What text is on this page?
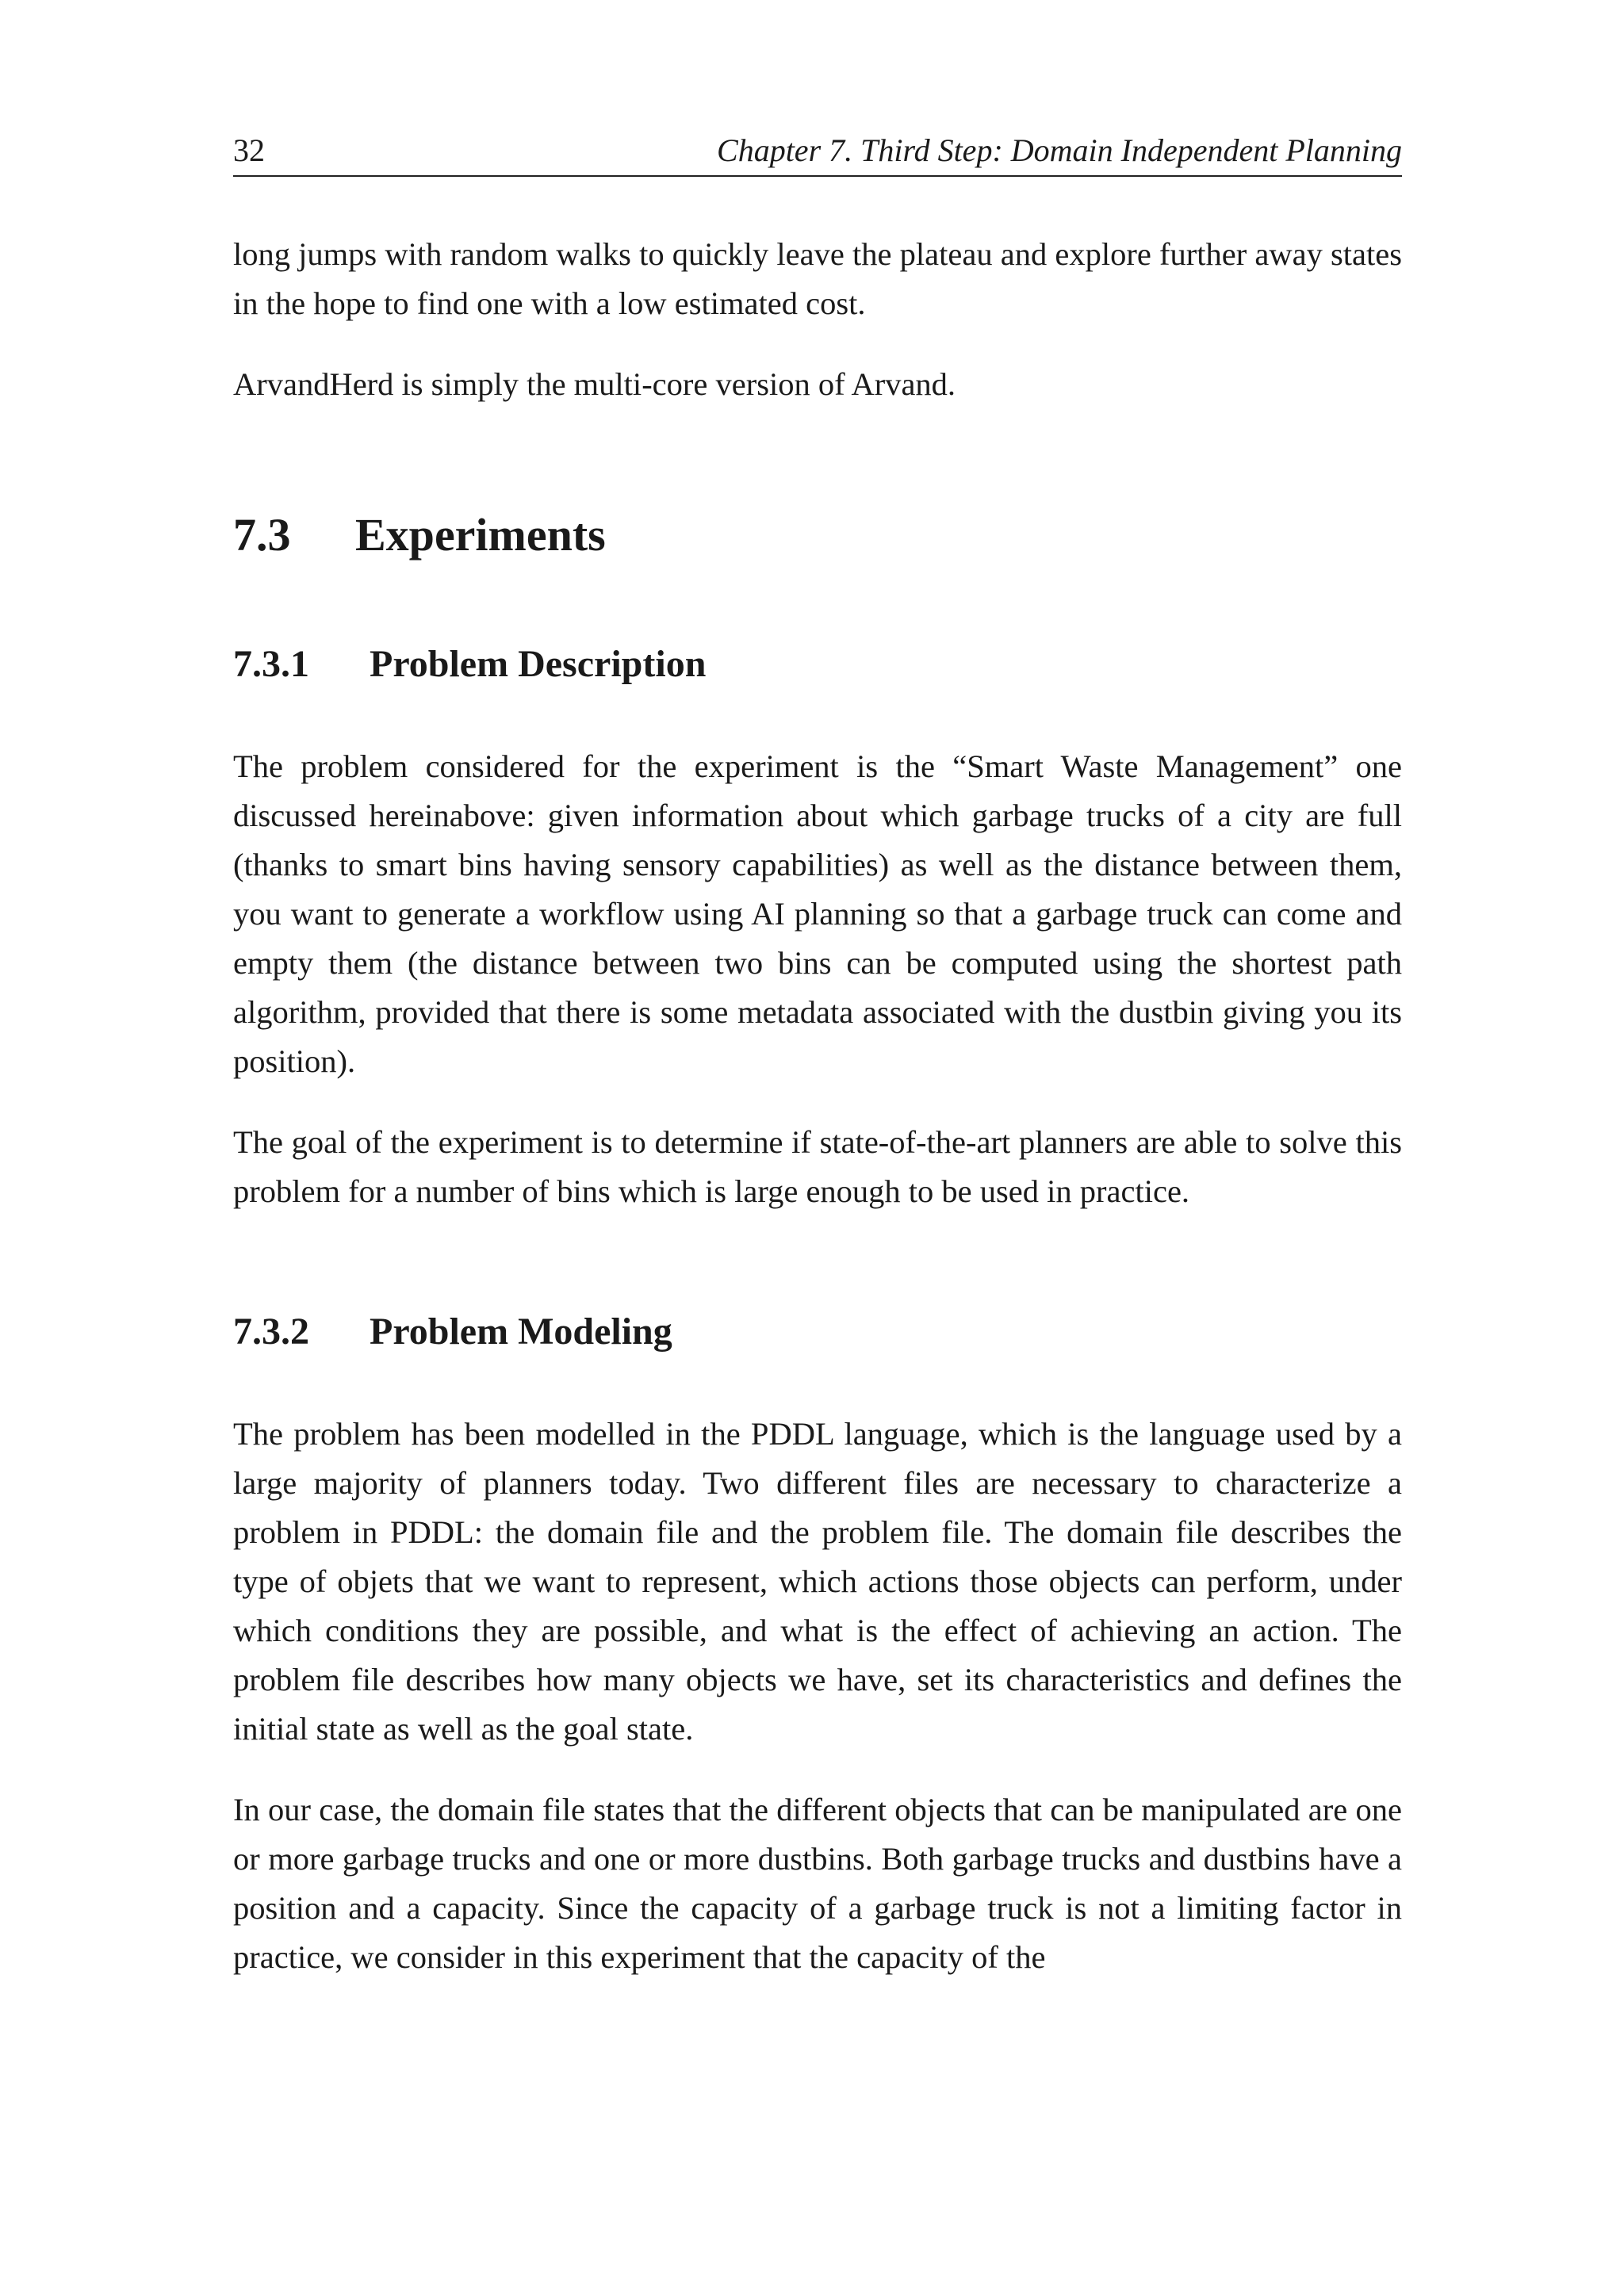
32	Chapter 7. Third Step: Domain Independent Planning

long jumps with random walks to quickly leave the plateau and explore further away states in the hope to find one with a low estimated cost.

ArvandHerd is simply the multi-core version of Arvand.

7.3 Experiments
7.3.1 Problem Description

The problem considered for the experiment is the “Smart Waste Management” one discussed hereinabove: given information about which garbage trucks of a city are full (thanks to smart bins having sensory capabilities) as well as the distance between them, you want to generate a workflow using AI planning so that a garbage truck can come and empty them (the distance between two bins can be computed using the shortest path algorithm, provided that there is some metadata associated with the dustbin giving you its position).

The goal of the experiment is to determine if state-of-the-art planners are able to solve this problem for a number of bins which is large enough to be used in practice.

7.3.2 Problem Modeling

The problem has been modelled in the PDDL language, which is the language used by a large majority of planners today. Two different files are necessary to characterize a problem in PDDL: the domain file and the problem file. The domain file describes the type of objets that we want to represent, which actions those objects can perform, under which conditions they are possible, and what is the effect of achieving an action. The problem file describes how many objects we have, set its characteristics and defines the initial state as well as the goal state.

In our case, the domain file states that the different objects that can be manipulated are one or more garbage trucks and one or more dustbins. Both garbage trucks and dustbins have a position and a capacity. Since the capacity of a garbage truck is not a limiting factor in practice, we consider in this experiment that the capacity of the
